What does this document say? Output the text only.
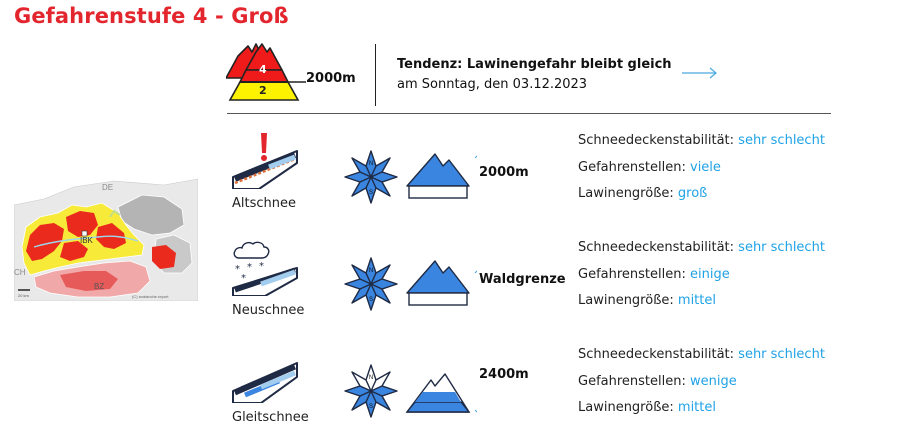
Gefahrenstufe 4 - Groß
DE
IBK
CH
BZ
20 km	(C) avalanche.report
4
2
2000m
Tendenz: Lawinengefahr bleibt gleich
am Sonntag, den 03.12.2023
Altschnee
N
S
2000m
Schneedeckenstabilität: sehr schlecht
Gefahrenstellen: viele
Lawinengröße: groß
* * *
*
Neuschnee
N
S
Waldgrenze
Schneedeckenstabilität: sehr schlecht
Gefahrenstellen: einige
Lawinengröße: mittel
Gleitschnee
N
S
2400m
Schneedeckenstabilität: sehr schlecht
Gefahrenstellen: wenige
Lawinengröße: mittel
